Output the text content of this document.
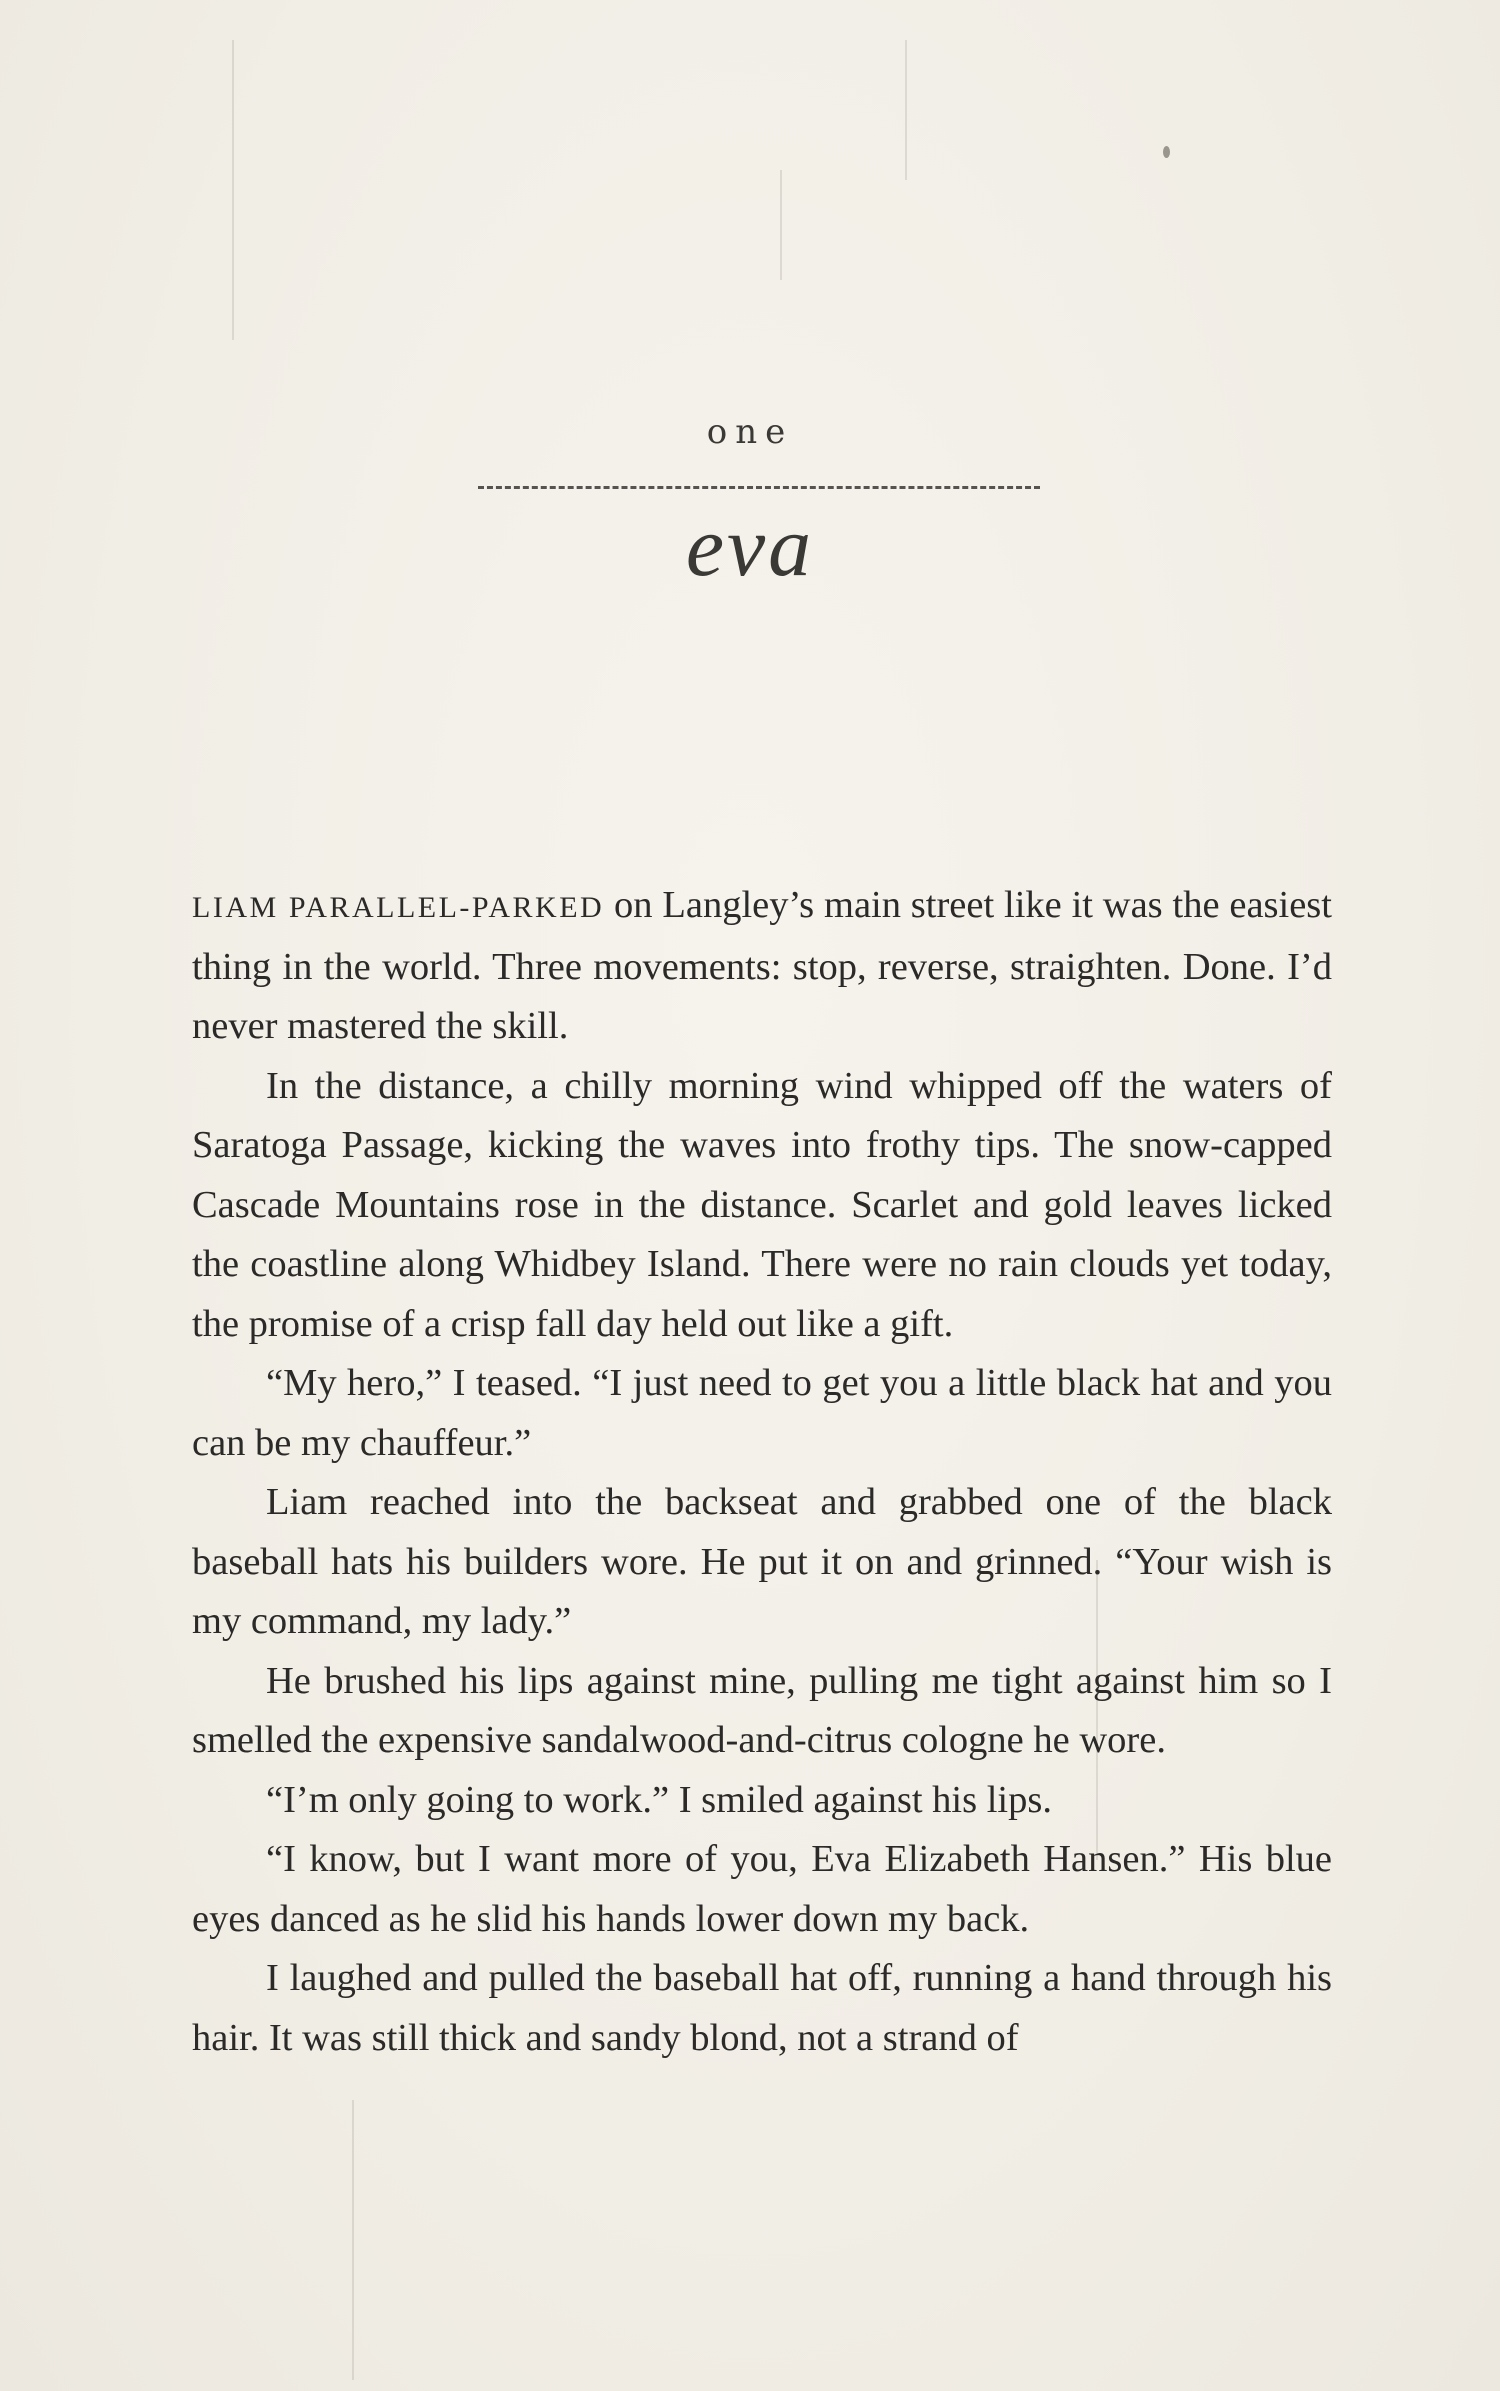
one
eva

LIAM PARALLEL-PARKED on Langley’s main street like it was the easiest thing in the world. Three movements: stop, reverse, straighten. Done. I’d never mastered the skill.

In the distance, a chilly morning wind whipped off the waters of Saratoga Passage, kicking the waves into frothy tips. The snow-capped Cascade Mountains rose in the distance. Scarlet and gold leaves licked the coastline along Whidbey Island. There were no rain clouds yet today, the promise of a crisp fall day held out like a gift.

“My hero,” I teased. “I just need to get you a little black hat and you can be my chauffeur.”

Liam reached into the backseat and grabbed one of the black baseball hats his builders wore. He put it on and grinned. “Your wish is my command, my lady.”

He brushed his lips against mine, pulling me tight against him so I smelled the expensive sandalwood-and-citrus cologne he wore.

“I’m only going to work.” I smiled against his lips.

“I know, but I want more of you, Eva Elizabeth Hansen.” His blue eyes danced as he slid his hands lower down my back.

I laughed and pulled the baseball hat off, running a hand through his hair. It was still thick and sandy blond, not a strand of
